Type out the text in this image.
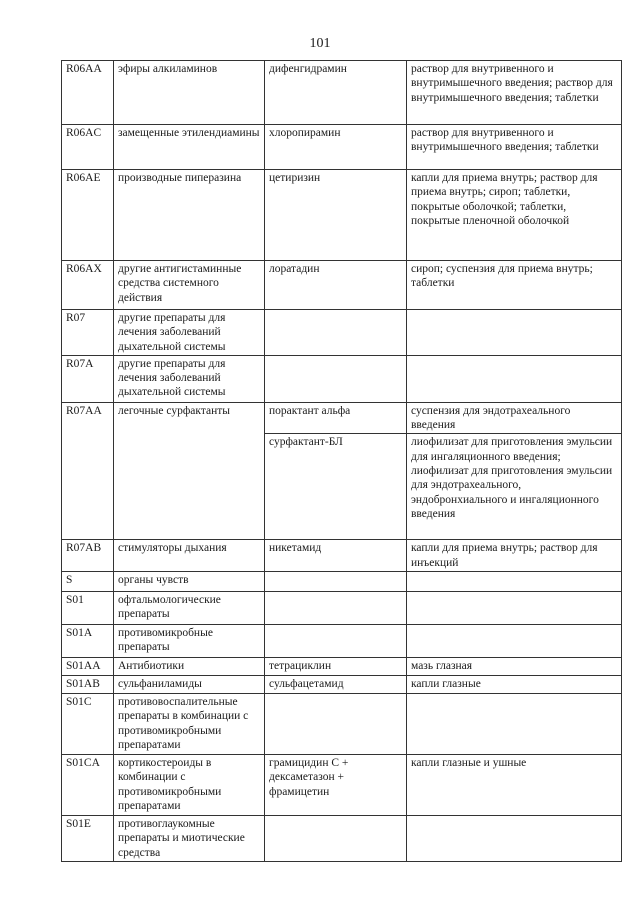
101
R06AA	эфиры алкиламинов	дифенгидрамин	раствор для внутривенного и внутримышечного введения; раствор для внутримышечного введения; таблетки
R06AC	замещенные этилендиамины	хлоропирамин	раствор для внутривенного и внутримышечного введения; таблетки
R06AE	производные пиперазина	цетиризин	капли для приема внутрь; раствор для приема внутрь; сироп; таблетки, покрытые оболочкой; таблетки, покрытые пленочной оболочкой
R06AX	другие антигистаминные средства системного действия	лоратадин	сироп; суспензия для приема внутрь; таблетки
R07	другие препараты для лечения заболеваний дыхательной системы		
R07A	другие препараты для лечения заболеваний дыхательной системы		
R07AA	легочные сурфактанты	порактант альфа	суспензия для эндотрахеального введения
		сурфактант-БЛ	лиофилизат для приготовления эмульсии для ингаляционного введения; лиофилизат для приготовления эмульсии для эндотрахеального, эндобронхиального и ингаляционного введения
R07AB	стимуляторы дыхания	никетамид	капли для приема внутрь; раствор для инъекций
S	органы чувств		
S01	офтальмологические препараты		
S01A	противомикробные препараты		
S01AA	Антибиотики	тетрациклин	мазь глазная
S01AB	сульфаниламиды	сульфацетамид	капли глазные
S01C	противовоспалительные препараты в комбинации с противомикробными препаратами		
S01CA	кортикостероиды в комбинации с противомикробными препаратами	грамицидин С + дексаметазон + фрамицетин	капли глазные и ушные
S01E	противоглаукомные препараты и миотические средства		
